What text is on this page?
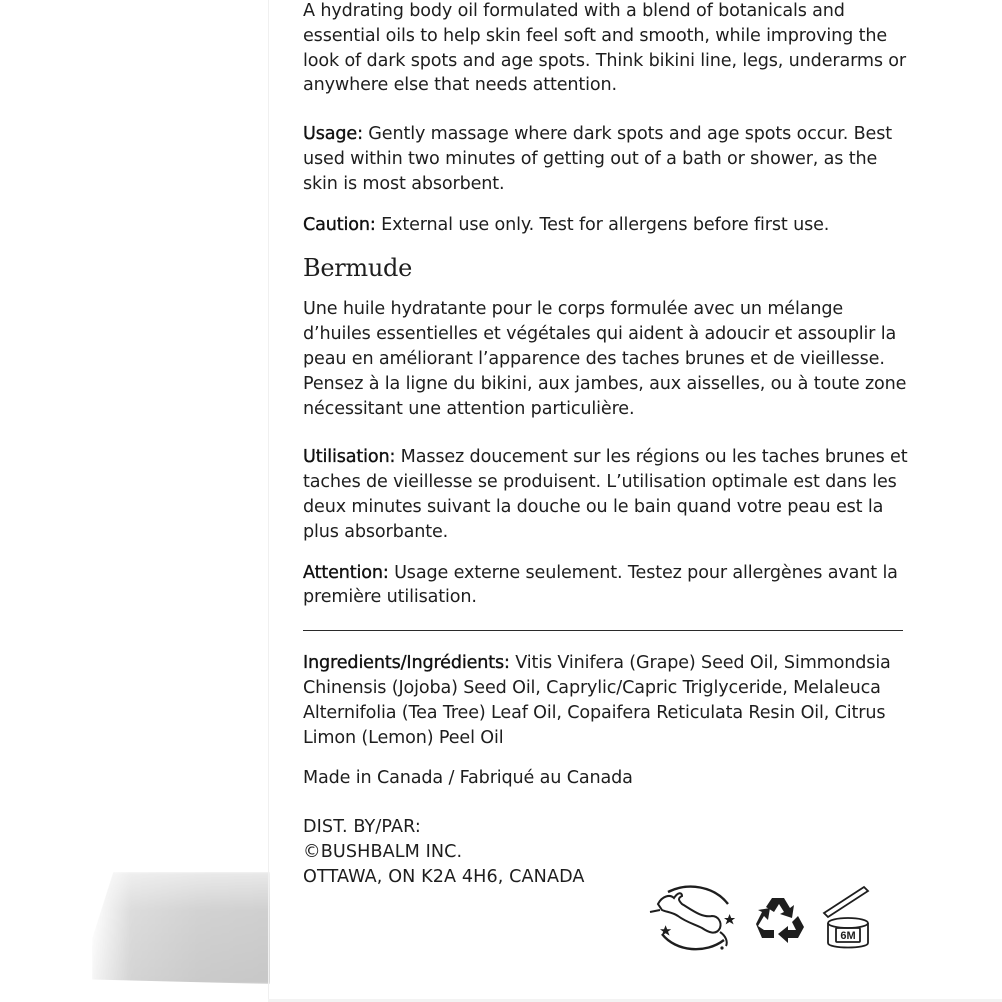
A hydrating body oil formulated with a blend of botanicals and essential oils to help skin feel soft and smooth, while improving the look of dark spots and age spots. Think bikini line, legs, underarms or anywhere else that needs attention.

Usage: Gently massage where dark spots and age spots occur. Best used within two minutes of getting out of a bath or shower, as the skin is most absorbent.

Caution: External use only. Test for allergens before first use.

Bermude

Une huile hydratante pour le corps formulée avec un mélange d’huiles essentielles et végétales qui aident à adoucir et assouplir la peau en améliorant l’apparence des taches brunes et de vieillesse. Pensez à la ligne du bikini, aux jambes, aux aisselles, ou à toute zone nécessitant une attention particulière.

Utilisation: Massez doucement sur les régions ou les taches brunes et taches de vieillesse se produisent. L’utilisation optimale est dans les deux minutes suivant la douche ou le bain quand votre peau est la plus absorbante.

Attention: Usage externe seulement. Testez pour allergènes avant la première utilisation.

Ingredients/Ingrédients: Vitis Vinifera (Grape) Seed Oil, Simmondsia Chinensis (Jojoba) Seed Oil, Caprylic/Capric Triglyceride, Melaleuca Alternifolia (Tea Tree) Leaf Oil, Copaifera Reticulata Resin Oil, Citrus Limon (Lemon) Peel Oil

Made in Canada / Fabriqué au Canada

DIST. BY/PAR:

©BUSHBALM INC.

OTTAWA, ON K2A 4H6, CANADA

6M
